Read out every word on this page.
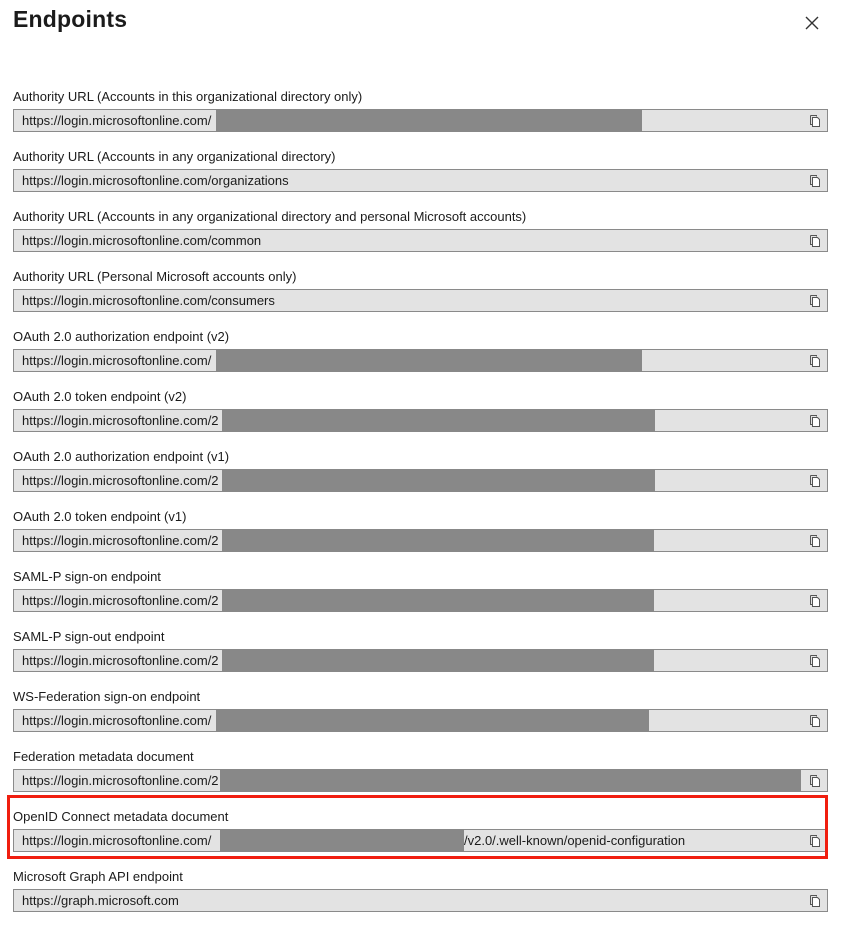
Endpoints
Authority URL (Accounts in this organizational directory only)
https://login.microsoftonline.com/
Authority URL (Accounts in any organizational directory)
https://login.microsoftonline.com/organizations
Authority URL (Accounts in any organizational directory and personal Microsoft accounts)
https://login.microsoftonline.com/common
Authority URL (Personal Microsoft accounts only)
https://login.microsoftonline.com/consumers
OAuth 2.0 authorization endpoint (v2)
https://login.microsoftonline.com/
OAuth 2.0 token endpoint (v2)
https://login.microsoftonline.com/2
OAuth 2.0 authorization endpoint (v1)
https://login.microsoftonline.com/2
OAuth 2.0 token endpoint (v1)
https://login.microsoftonline.com/2
SAML-P sign-on endpoint
https://login.microsoftonline.com/2
SAML-P sign-out endpoint
https://login.microsoftonline.com/2
WS-Federation sign-on endpoint
https://login.microsoftonline.com/
Federation metadata document
https://login.microsoftonline.com/2
OpenID Connect metadata document
https://login.microsoftonline.com/	/v2.0/.well-known/openid-configuration
Microsoft Graph API endpoint
https://graph.microsoft.com
